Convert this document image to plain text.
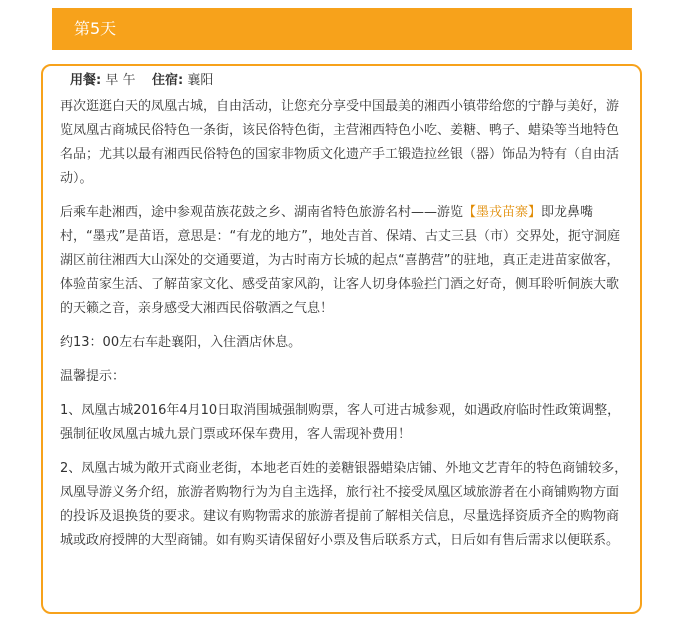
第5天
用餐: 早 午 住宿: 襄阳

再次逛逛白天的凤凰古城，自由活动，让您充分享受中国最美的湘西小镇带给您的宁静与美好，游览凤凰古商城民俗特色一条街，该民俗特色街，主营湘西特色小吃、姜糖、鸭子、蜡染等当地特色名品；尤其以最有湘西民俗特色的国家非物质文化遗产手工锻造拉丝银（器）饰品为特有（自由活动）。

后乘车赴湘西，途中参观苗族花鼓之乡、湖南省特色旅游名村——游览【墨戎苗寨】即龙鼻嘴村，“墨戎”是苗语，意思是：“有龙的地方”，地处吉首、保靖、古丈三县（市）交界处，扼守洞庭湖区前往湘西大山深处的交通要道，为古时南方长城的起点“喜鹊营”的驻地，真正走进苗家做客，体验苗家生活、了解苗家文化、感受苗家风韵，让客人切身体验拦门酒之好奇，侧耳聆听侗族大歌的天籁之音，亲身感受大湘西民俗敬酒之气息！

约13：00左右车赴襄阳，入住酒店休息。

温馨提示：

1、凤凰古城2016年4月10日取消围城强制购票，客人可进古城参观，如遇政府临时性政策调整，强制征收凤凰古城九景门票或环保车费用，客人需现补费用！

2、凤凰古城为敞开式商业老街，本地老百姓的姜糖银器蜡染店铺、外地文艺青年的特色商铺较多，凤凰导游义务介绍，旅游者购物行为为自主选择，旅行社不接受凤凰区域旅游者在小商铺购物方面的投诉及退换货的要求。建议有购物需求的旅游者提前了解相关信息，尽量选择资质齐全的购物商城或政府授牌的大型商铺。如有购买请保留好小票及售后联系方式，日后如有售后需求以便联系。
